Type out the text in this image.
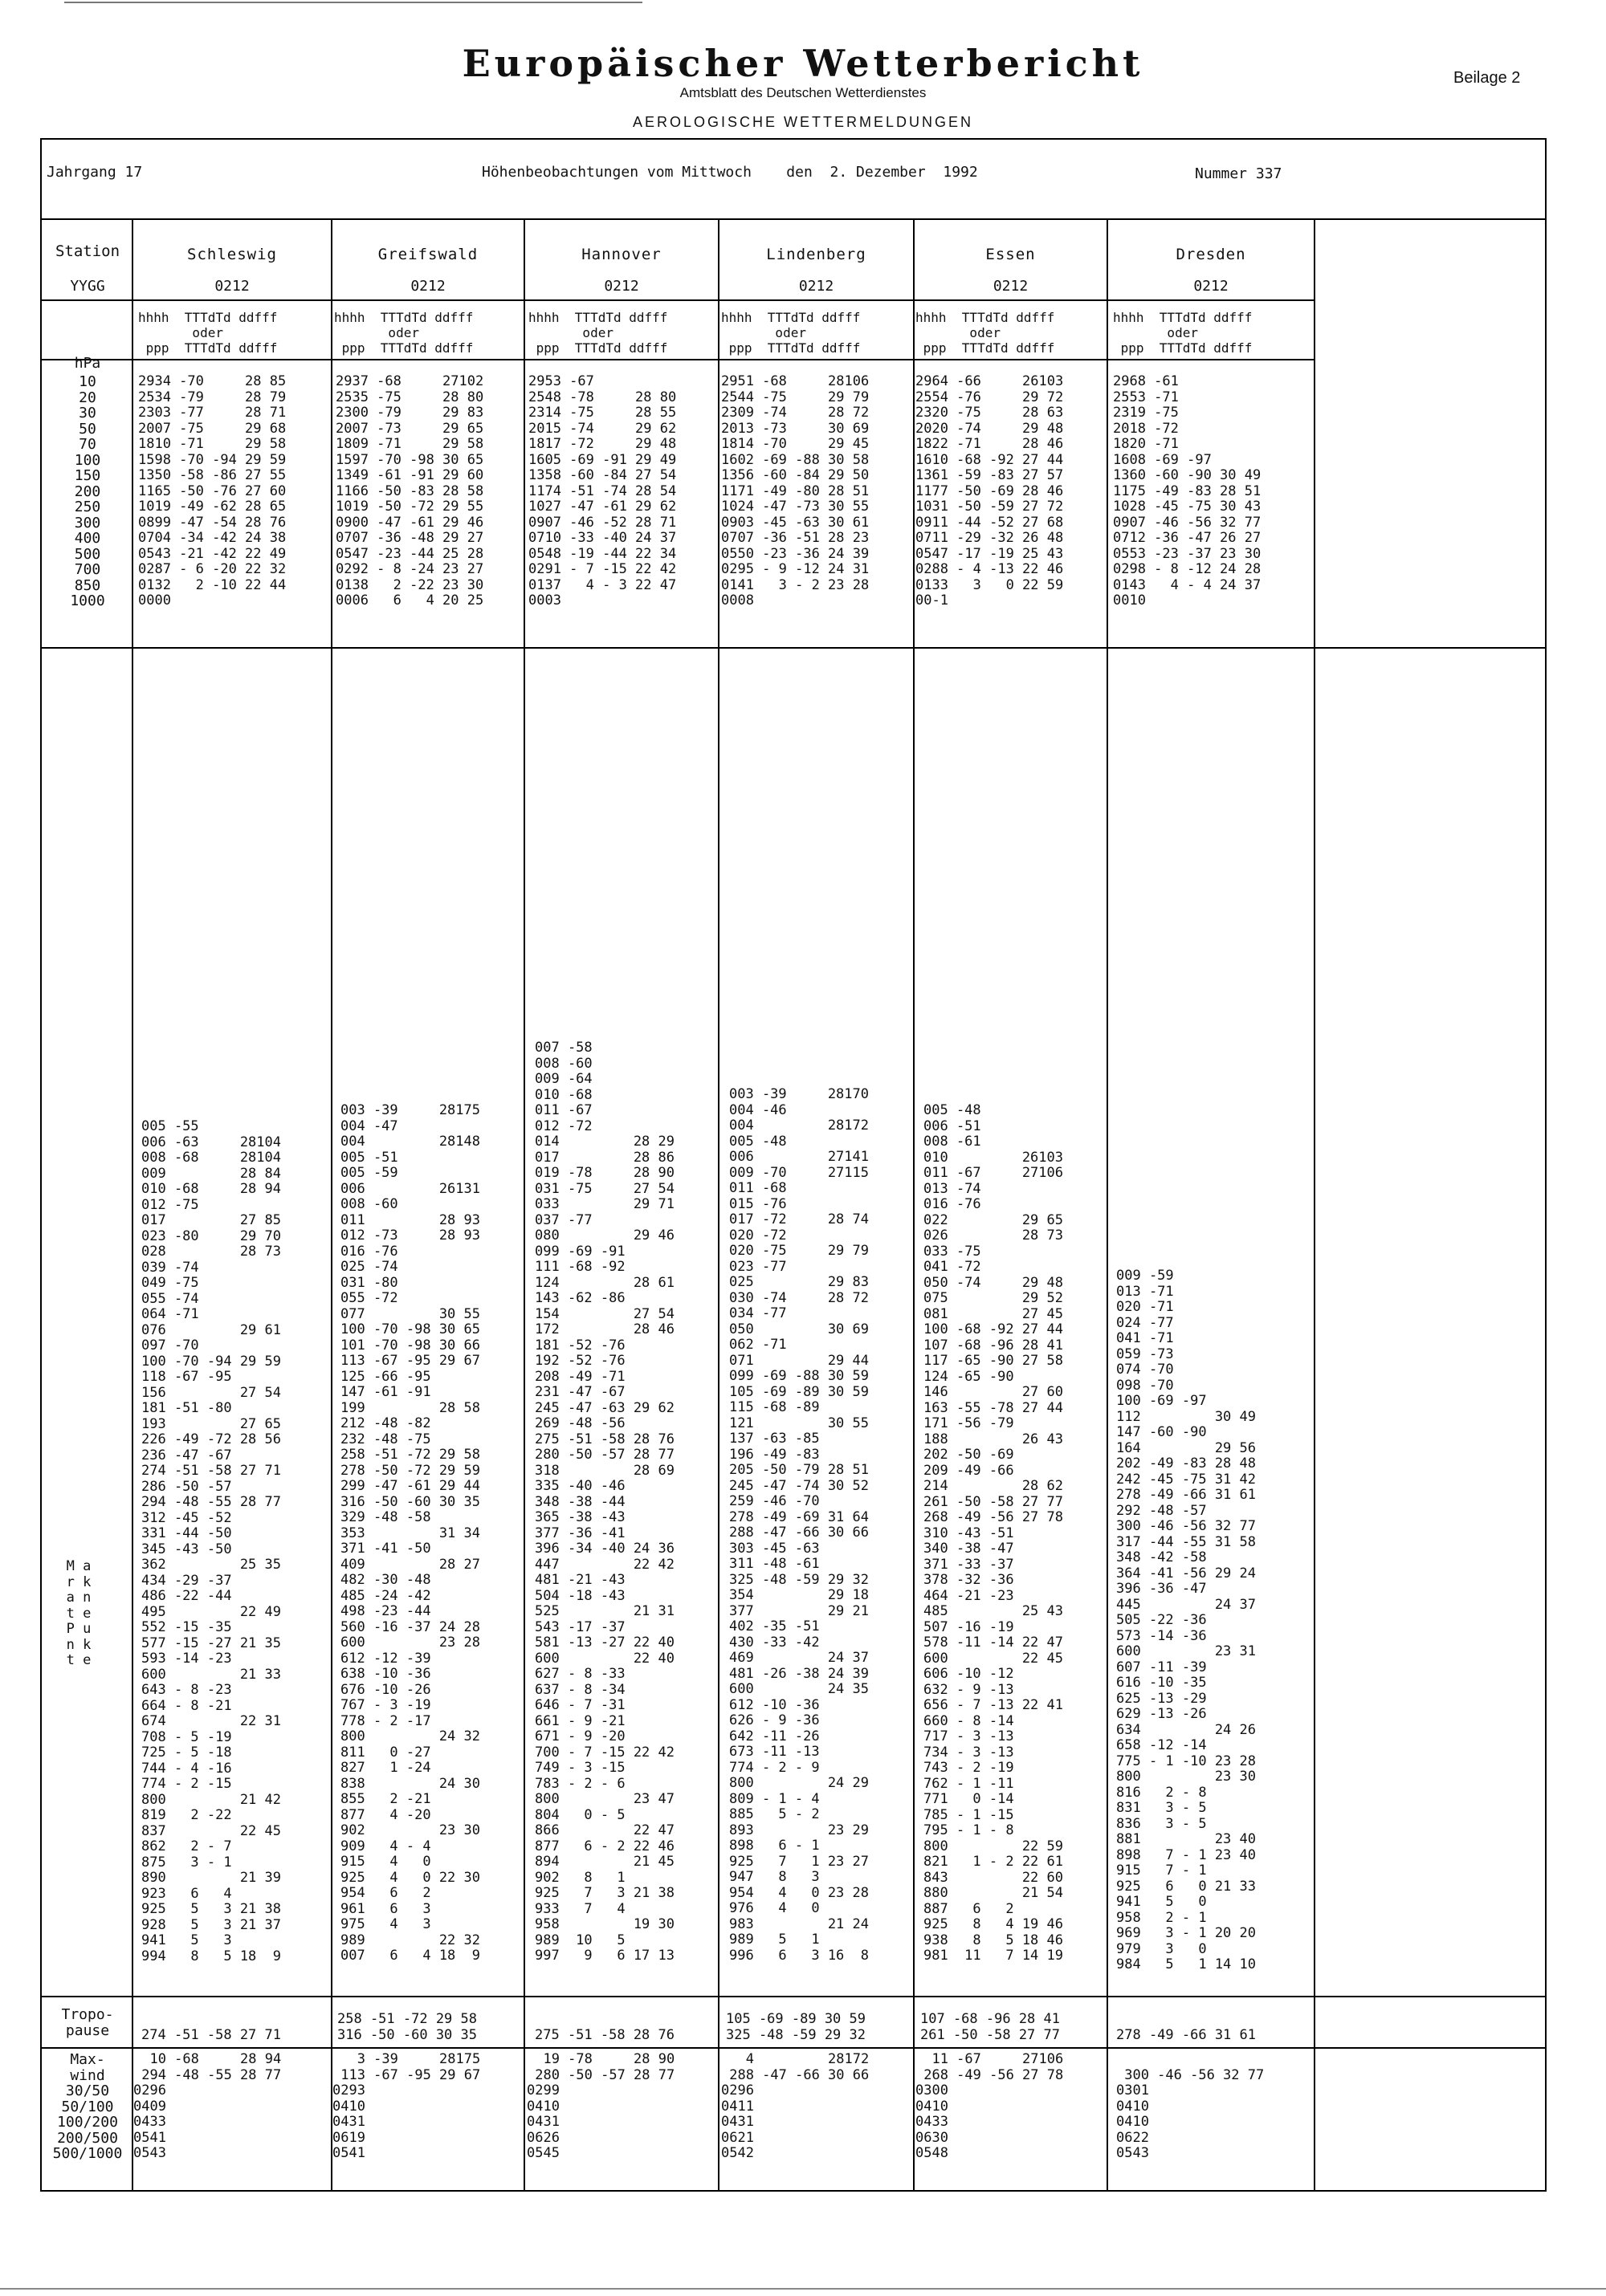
Europäischer Wetterbericht
Amtsblatt des Deutschen Wetterdienstes
AEROLOGISCHE WETTERMELDUNGEN
Beilage 2
Jahrgang 17	Höhenbeobachtungen vom Mittwoch    den  2. Dezember  1992	Nummer 337
Station
YYGG
hPa
10
20
30
50
70
100
150
200
250
300
400
500
700
850
1000
M a r k a n t e P u n k t e
Tropo-
pause
Max-
wind
30/50
50/100
100/200
200/500
500/1000
Schleswig
0212
hhhh  TTTdTd ddfff
oder
ppp  TTTdTd ddfff
2934 -70     28 85
2534 -79     28 79
2303 -77     28 71
2007 -75     29 68
1810 -71     29 58
1598 -70 -94 29 59
1350 -58 -86 27 55
1165 -50 -76 27 60
1019 -49 -62 28 65
0899 -47 -54 28 76
0704 -34 -42 24 38
0543 -21 -42 22 49
0287 - 6 -20 22 32
0132   2 -10 22 44
0000
005 -55
006 -63     28104
008 -68     28104
009         28 84
010 -68     28 94
012 -75
017         27 85
023 -80     29 70
028         28 73
039 -74
049 -75
055 -74
064 -71
076         29 61
097 -70
100 -70 -94 29 59
118 -67 -95
156         27 54
181 -51 -80
193         27 65
226 -49 -72 28 56
236 -47 -67
274 -51 -58 27 71
286 -50 -57
294 -48 -55 28 77
312 -45 -52
331 -44 -50
345 -43 -50
362         25 35
434 -29 -37
486 -22 -44
495         22 49
552 -15 -35
577 -15 -27 21 35
593 -14 -23
600         21 33
643 - 8 -23
664 - 8 -21
674         22 31
708 - 5 -19
725 - 5 -18
744 - 4 -16
774 - 2 -15
800         21 42
819   2 -22
837         22 45
862   2 - 7
875   3 - 1
890         21 39
923   6   4
925   5   3 21 38
928   5   3 21 37
941   5   3
994   8   5 18  9

274 -51 -58 27 71
10 -68     28 94
294 -48 -55 28 77
0296
0409
0433
0541
0543
Greifswald
0212
hhhh  TTTdTd ddfff
oder
ppp  TTTdTd ddfff
2937 -68     27102
2535 -75     28 80
2300 -79     29 83
2007 -73     29 65
1809 -71     29 58
1597 -70 -98 30 65
1349 -61 -91 29 60
1166 -50 -83 28 58
1019 -50 -72 29 55
0900 -47 -61 29 46
0707 -36 -48 29 27
0547 -23 -44 25 28
0292 - 8 -24 23 27
0138   2 -22 23 30
0006   6   4 20 25
003 -39     28175
004 -47
004         28148
005 -51
005 -59
006         26131
008 -60
011         28 93
012 -73     28 93
016 -76
025 -74
031 -80
055 -72
077         30 55
100 -70 -98 30 65
101 -70 -98 30 66
113 -67 -95 29 67
125 -66 -95
147 -61 -91
199         28 58
212 -48 -82
232 -48 -75
258 -51 -72 29 58
278 -50 -72 29 59
299 -47 -61 29 44
316 -50 -60 30 35
329 -48 -58
353         31 34
371 -41 -50
409         28 27
482 -30 -48
485 -24 -42
498 -23 -44
560 -16 -37 24 28
600         23 28
612 -12 -39
638 -10 -36
676 -10 -26
767 - 3 -19
778 - 2 -17
800         24 32
811   0 -27
827   1 -24
838         24 30
855   2 -21
877   4 -20
902         23 30
909   4 - 4
915   4   0
925   4   0 22 30
954   6   2
961   6   3
975   4   3
989         22 32
007   6   4 18  9
258 -51 -72 29 58
316 -50 -60 30 35
3 -39     28175
113 -67 -95 29 67
0293
0410
0431
0619
0541
Hannover
0212
hhhh  TTTdTd ddfff
oder
ppp  TTTdTd ddfff
2953 -67
2548 -78     28 80
2314 -75     28 55
2015 -74     29 62
1817 -72     29 48
1605 -69 -91 29 49
1358 -60 -84 27 54
1174 -51 -74 28 54
1027 -47 -61 29 62
0907 -46 -52 28 71
0710 -33 -40 24 37
0548 -19 -44 22 34
0291 - 7 -15 22 42
0137   4 - 3 22 47
0003
007 -58
008 -60
009 -64
010 -68
011 -67
012 -72
014         28 29
017         28 86
019 -78     28 90
031 -75     27 54
033         29 71
037 -77
080         29 46
099 -69 -91
111 -68 -92
124         28 61
143 -62 -86
154         27 54
172         28 46
181 -52 -76
192 -52 -76
208 -49 -71
231 -47 -67
245 -47 -63 29 62
269 -48 -56
275 -51 -58 28 76
280 -50 -57 28 77
318         28 69
335 -40 -46
348 -38 -44
365 -38 -43
377 -36 -41
396 -34 -40 24 36
447         22 42
481 -21 -43
504 -18 -43
525         21 31
543 -17 -37
581 -13 -27 22 40
600         22 40
627 - 8 -33
637 - 8 -34
646 - 7 -31
661 - 9 -21
671 - 9 -20
700 - 7 -15 22 42
749 - 3 -15
783 - 2 - 6
800         23 47
804   0 - 5
866         22 47
877   6 - 2 22 46
894         21 45
902   8   1
925   7   3 21 38
933   7   4
958         19 30
989  10   5
997   9   6 17 13

275 -51 -58 28 76
19 -78     28 90
280 -50 -57 28 77
0299
0410
0431
0626
0545
Lindenberg
0212
hhhh  TTTdTd ddfff
oder
ppp  TTTdTd ddfff
2951 -68     28106
2544 -75     29 79
2309 -74     28 72
2013 -73     30 69
1814 -70     29 45
1602 -69 -88 30 58
1356 -60 -84 29 50
1171 -49 -80 28 51
1024 -47 -73 30 55
0903 -45 -63 30 61
0707 -36 -51 28 23
0550 -23 -36 24 39
0295 - 9 -12 24 31
0141   3 - 2 23 28
0008
003 -39     28170
004 -46
004         28172
005 -48
006         27141
009 -70     27115
011 -68
015 -76
017 -72     28 74
020 -72
020 -75     29 79
023 -77
025         29 83
030 -74     28 72
034 -77
050         30 69
062 -71
071         29 44
099 -69 -88 30 59
105 -69 -89 30 59
115 -68 -89
121         30 55
137 -63 -85
196 -49 -83
205 -50 -79 28 51
245 -47 -74 30 52
259 -46 -70
278 -49 -69 31 64
288 -47 -66 30 66
303 -45 -63
311 -48 -61
325 -48 -59 29 32
354         29 18
377         29 21
402 -35 -51
430 -33 -42
469         24 37
481 -26 -38 24 39
600         24 35
612 -10 -36
626 - 9 -36
642 -11 -26
673 -11 -13
774 - 2 - 9
800         24 29
809 - 1 - 4
885   5 - 2
893         23 29
898   6 - 1
925   7   1 23 27
947   8   3
954   4   0 23 28
976   4   0
983         21 24
989   5   1
996   6   3 16  8
105 -69 -89 30 59
325 -48 -59 29 32
4         28172
288 -47 -66 30 66
0296
0411
0431
0621
0542
Essen
0212
hhhh  TTTdTd ddfff
oder
ppp  TTTdTd ddfff
2964 -66     26103
2554 -76     29 72
2320 -75     28 63
2020 -74     29 48
1822 -71     28 46
1610 -68 -92 27 44
1361 -59 -83 27 57
1177 -50 -69 28 46
1031 -50 -59 27 72
0911 -44 -52 27 68
0711 -29 -32 26 48
0547 -17 -19 25 43
0288 - 4 -13 22 46
0133   3   0 22 59
00-1
005 -48
006 -51
008 -61
010         26103
011 -67     27106
013 -74
016 -76
022         29 65
026         28 73
033 -75
041 -72
050 -74     29 48
075         29 52
081         27 45
100 -68 -92 27 44
107 -68 -96 28 41
117 -65 -90 27 58
124 -65 -90
146         27 60
163 -55 -78 27 44
171 -56 -79
188         26 43
202 -50 -69
209 -49 -66
214         28 62
261 -50 -58 27 77
268 -49 -56 27 78
310 -43 -51
340 -38 -47
371 -33 -37
378 -32 -36
464 -21 -23
485         25 43
507 -16 -19
578 -11 -14 22 47
600         22 45
606 -10 -12
632 - 9 -13
656 - 7 -13 22 41
660 - 8 -14
717 - 3 -13
734 - 3 -13
743 - 2 -19
762 - 1 -11
771   0 -14
785 - 1 -15
795 - 1 - 8
800         22 59
821   1 - 2 22 61
843         22 60
880         21 54
887   6   2
925   8   4 19 46
938   8   5 18 46
981  11   7 14 19
107 -68 -96 28 41
261 -50 -58 27 77
11 -67     27106
268 -49 -56 27 78
0300
0410
0433
0630
0548
Dresden
0212
hhhh  TTTdTd ddfff
oder
ppp  TTTdTd ddfff
2968 -61
2553 -71
2319 -75
2018 -72
1820 -71
1608 -69 -97
1360 -60 -90 30 49
1175 -49 -83 28 51
1028 -45 -75 30 43
0907 -46 -56 32 77
0712 -36 -47 26 27
0553 -23 -37 23 30
0298 - 8 -12 24 28
0143   4 - 4 24 37
0010
009 -59
013 -71
020 -71
024 -77
041 -71
059 -73
074 -70
098 -70
100 -69 -97
112         30 49
147 -60 -90
164         29 56
202 -49 -83 28 48
242 -45 -75 31 42
278 -49 -66 31 61
292 -48 -57
300 -46 -56 32 77
317 -44 -55 31 58
348 -42 -58
364 -41 -56 29 24
396 -36 -47
445         24 37
505 -22 -36
573 -14 -36
600         23 31
607 -11 -39
616 -10 -35
625 -13 -29
629 -13 -26
634         24 26
658 -12 -14
775 - 1 -10 23 28
800         23 30
816   2 - 8
831   3 - 5
836   3 - 5
881         23 40
898   7 - 1 23 40
915   7 - 1
925   6   0 21 33
941   5   0
958   2 - 1
969   3 - 1 20 20
979   3   0
984   5   1 14 10

278 -49 -66 31 61

300 -46 -56 32 77
0301
0410
0410
0622
0543
